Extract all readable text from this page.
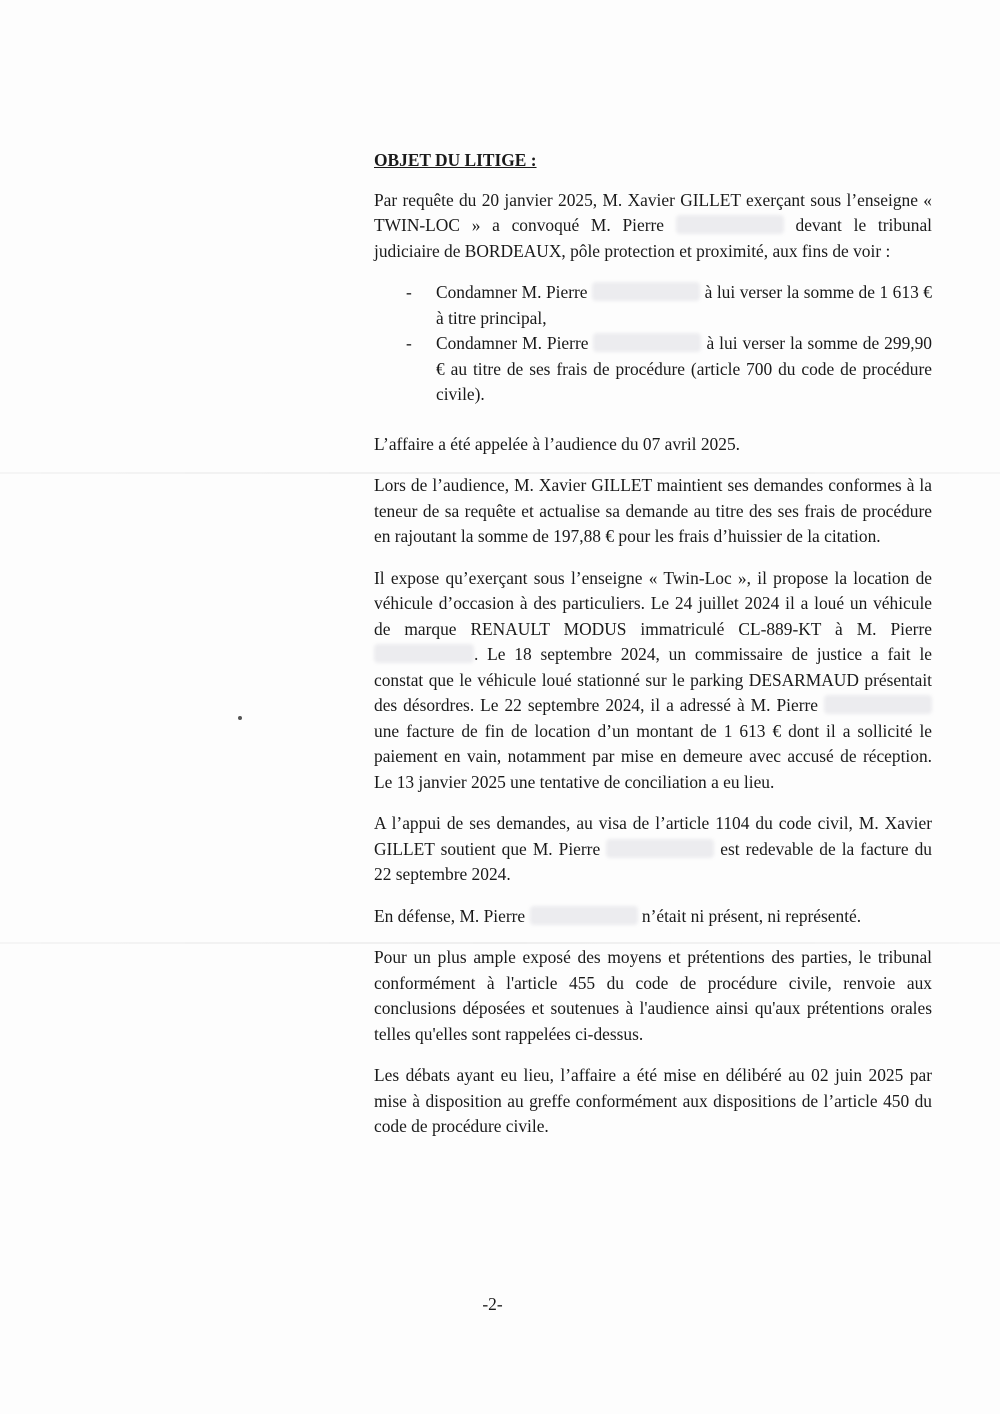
OBJET DU LITIGE :

Par requête du 20 janvier 2025, M. Xavier GILLET exerçant sous l’enseigne « TWIN-LOC » a convoqué M. Pierre	devant le tribunal judiciaire de BORDEAUX, pôle protection et proximité, aux fins de voir :

- Condamner M. Pierre	à lui verser la somme de 1 613 € à titre principal,
- Condamner M. Pierre	à lui verser la somme de 299,90 € au titre de ses frais de procédure (article 700 du code de procédure civile).

L’affaire a été appelée à l’audience du 07 avril 2025.

Lors de l’audience, M. Xavier GILLET maintient ses demandes conformes à la teneur de sa requête et actualise sa demande au titre des ses frais de procédure en rajoutant la somme de 197,88 € pour les frais d’huissier de la citation.

Il expose qu’exerçant sous l’enseigne « Twin-Loc », il propose la location de véhicule d’occasion à des particuliers. Le 24 juillet 2024 il a loué un véhicule de marque RENAULT MODUS immatriculé CL-889-KT à M. Pierre . Le 18 septembre 2024, un commissaire de justice a fait le constat que le véhicule loué stationné sur le parking DESARMAUD présentait des désordres. Le 22 septembre 2024, il a adressé à M. Pierre  une facture de fin de location d’un montant de 1 613 € dont il a sollicité le paiement en vain, notamment par mise en demeure avec accusé de réception. Le 13 janvier 2025 une tentative de conciliation a eu lieu.

A l’appui de ses demandes, au visa de l’article 1104 du code civil, M. Xavier GILLET soutient que M. Pierre	est redevable de la facture du 22 septembre 2024.

En défense, M. Pierre	n’était ni présent, ni représenté.

Pour un plus ample exposé des moyens et prétentions des parties, le tribunal conformément à l'article 455 du code de procédure civile, renvoie aux conclusions déposées et soutenues à l'audience ainsi qu'aux prétentions orales telles qu'elles sont rappelées ci-dessus.

Les débats ayant eu lieu, l’affaire a été mise en délibéré au 02 juin 2025 par mise à disposition au greffe conformément aux dispositions de l’article 450 du code de procédure civile.

-2-
